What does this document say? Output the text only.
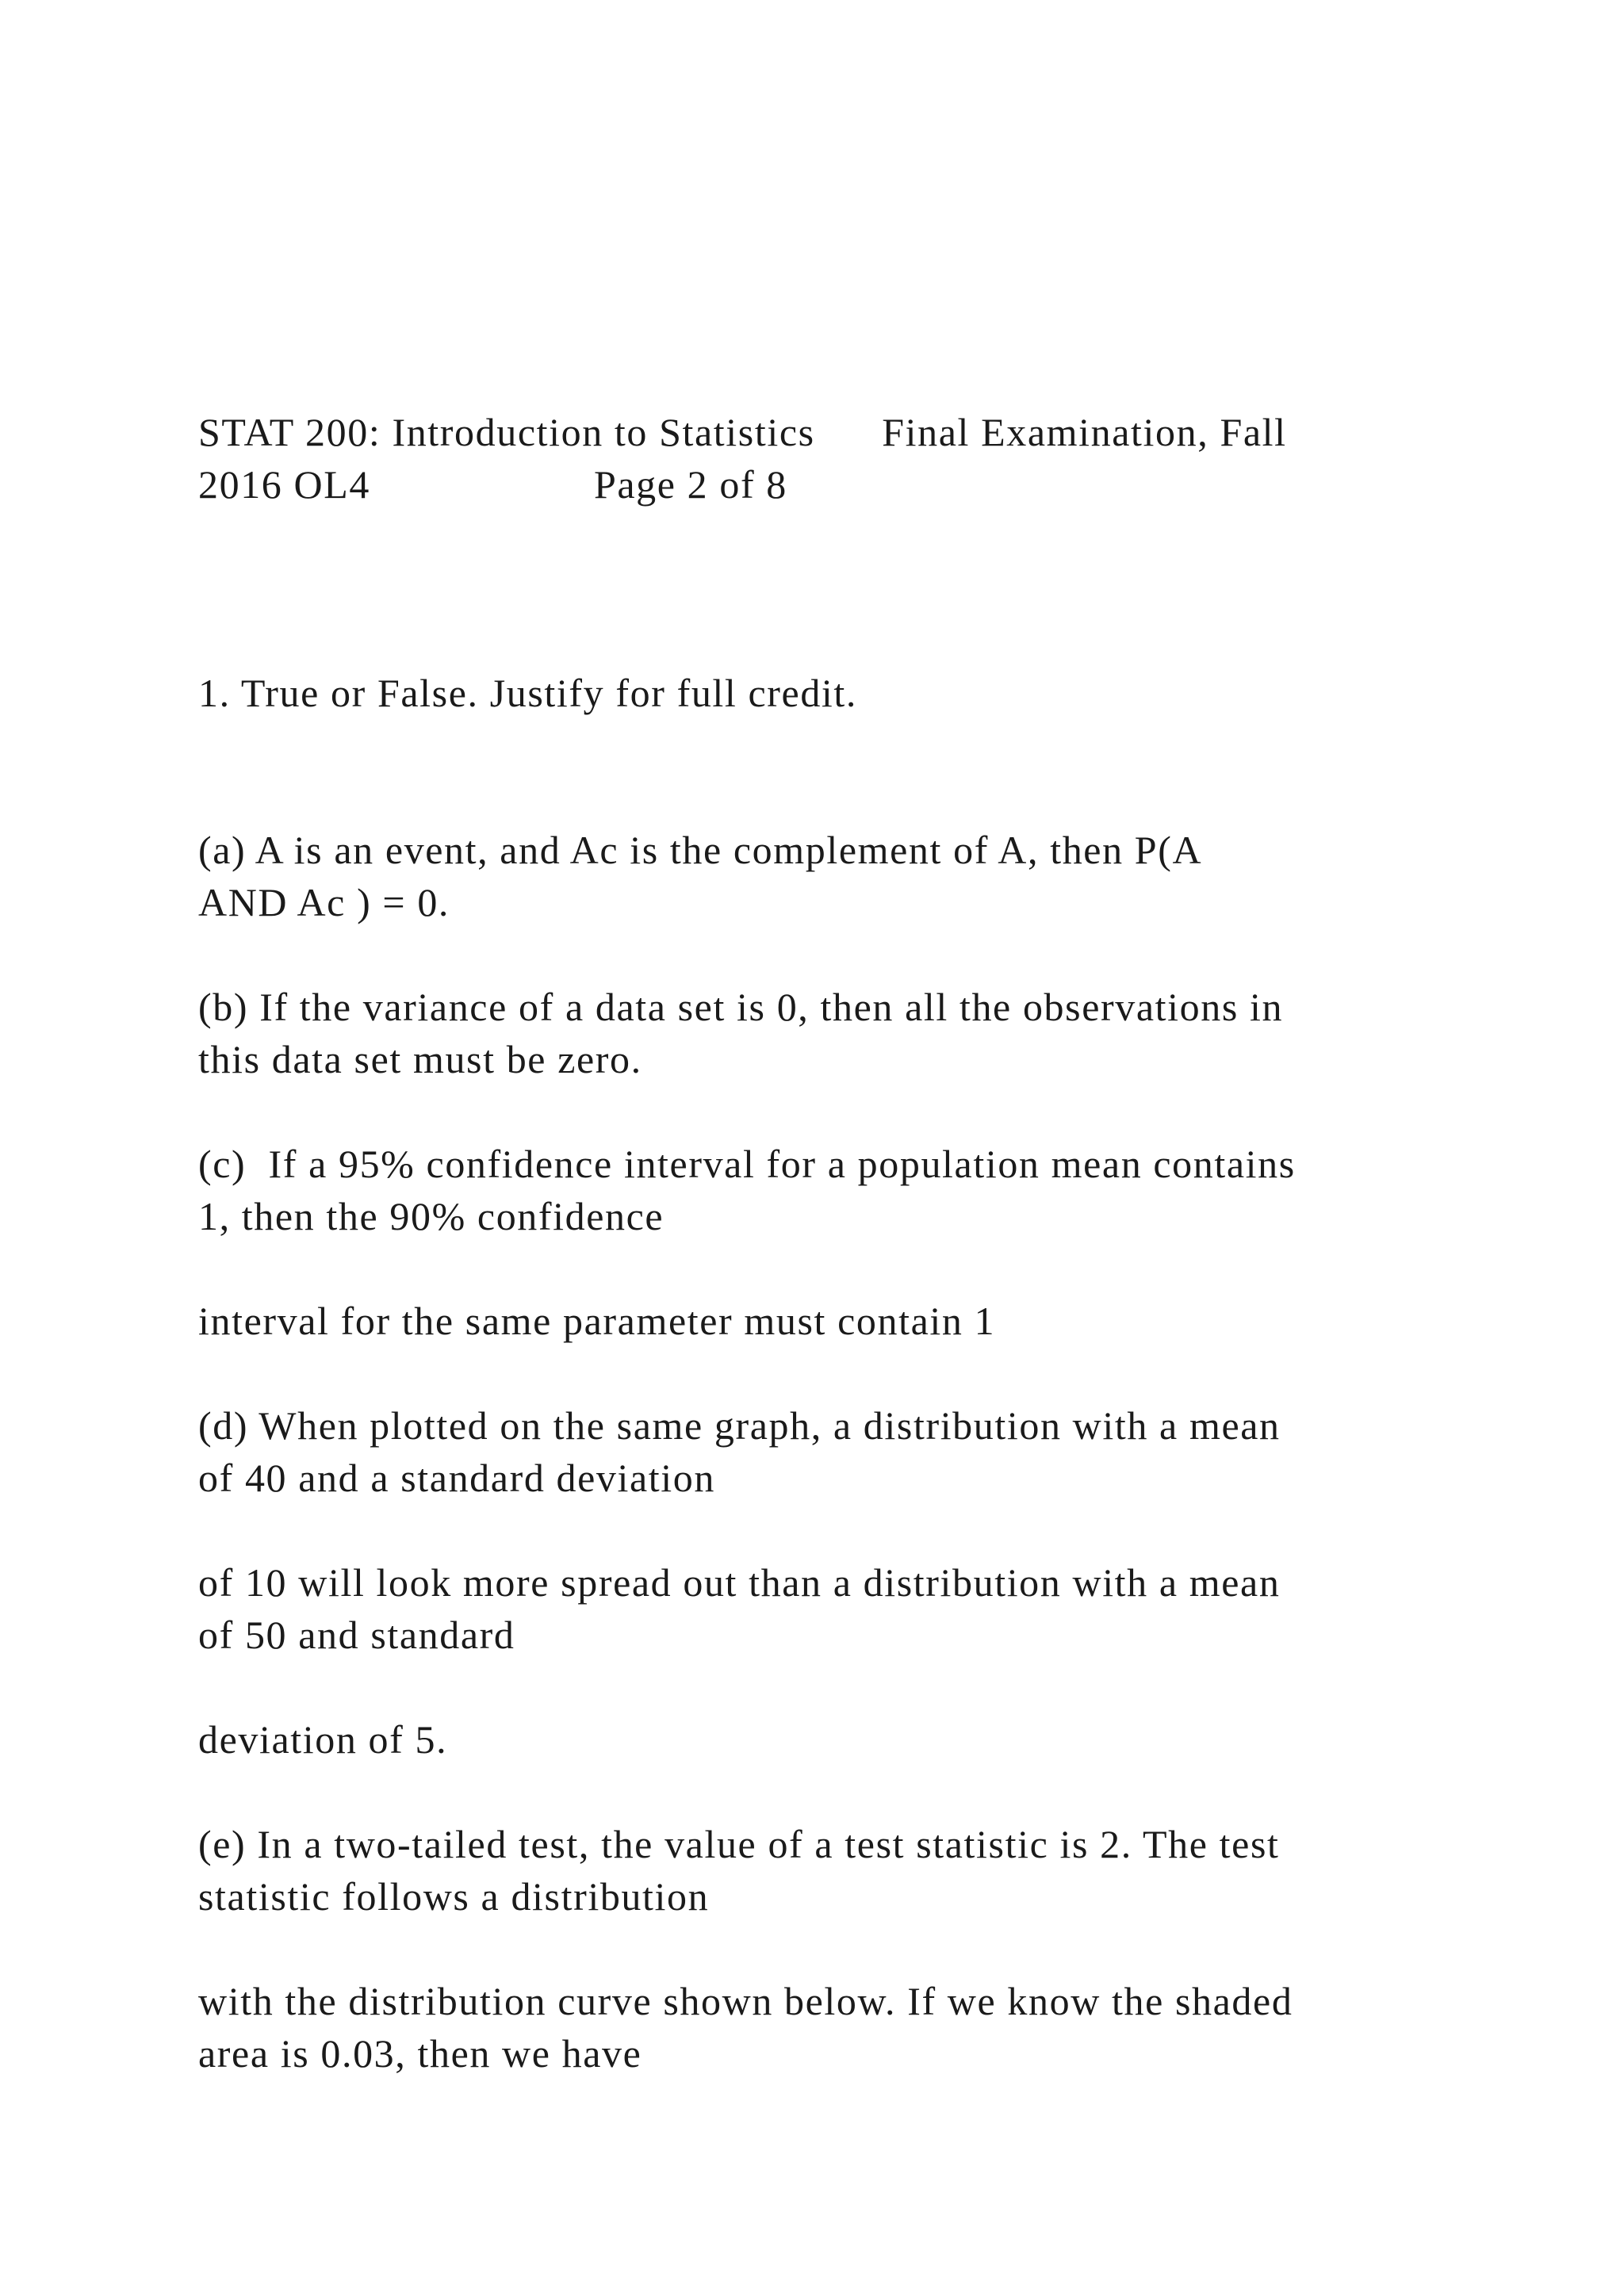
STAT 200: Introduction to Statistics      Final Examination, Fall
2016 OL4                    Page 2 of 8
1. True or False. Justify for full credit.
(a) A is an event, and Ac is the complement of A, then P(A
AND Ac ) = 0.
(b) If the variance of a data set is 0, then all the observations in
this data set must be zero.
(c)  If a 95% confidence interval for a population mean contains
1, then the 90% confidence
interval for the same parameter must contain 1
(d) When plotted on the same graph, a distribution with a mean
of 40 and a standard deviation
of 10 will look more spread out than a distribution with a mean
of 50 and standard
deviation of 5.
(e) In a two-tailed test, the value of a test statistic is 2. The test
statistic follows a distribution
with the distribution curve shown below. If we know the shaded
area is 0.03, then we have
